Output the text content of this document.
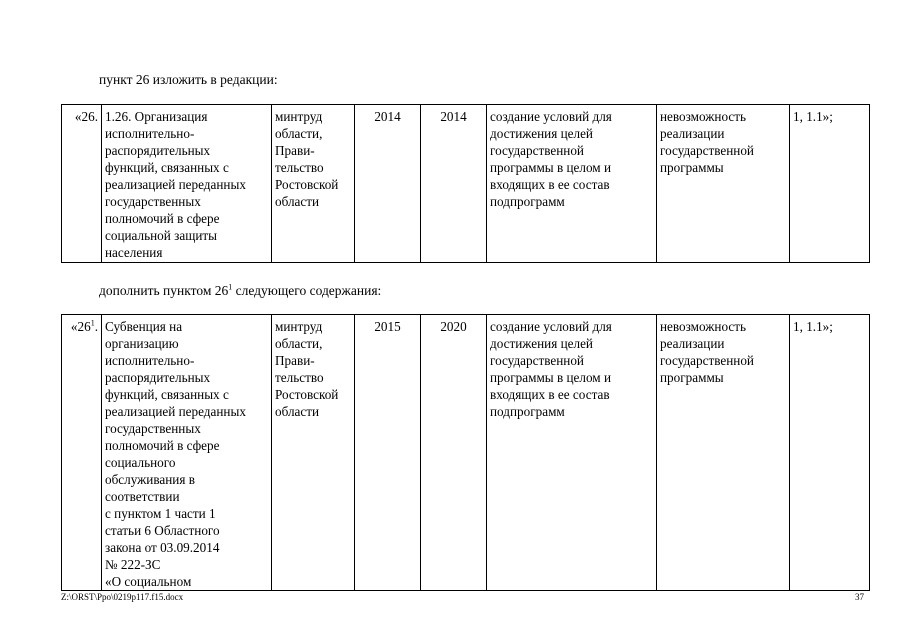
пункт 26 изложить в редакции:
«26.	1.26. Организация
исполнительно-
распорядительных
функций, связанных с
реализацией переданных
государственных
полномочий в сфере
социальной защиты
населения	минтруд
области,
Прави-
тельство
Ростовской
области	2014	2014	создание условий для
достижения целей
государственной
программы в целом и
входящих в ее состав
подпрограмм	невозможность
реализации
государственной
программы	1, 1.1»;
дополнить пунктом $26^1$ следующего содержания:
«$26^1$.	Субвенция на
организацию
исполнительно-
распорядительных
функций, связанных с
реализацией переданных
государственных
полномочий в сфере
социального
обслуживания в
соответствии
с пунктом 1 части 1
статьи 6 Областного
закона от 03.09.2014
№ 222-ЗС
«О социальном	минтруд
области,
Прави-
тельство
Ростовской
области	2015	2020	создание условий для
достижения целей
государственной
программы в целом и
входящих в ее состав
подпрограмм	невозможность
реализации
государственной
программы	1, 1.1»;
Z:\ORST\Ppo\0219p117.f15.docx	37
